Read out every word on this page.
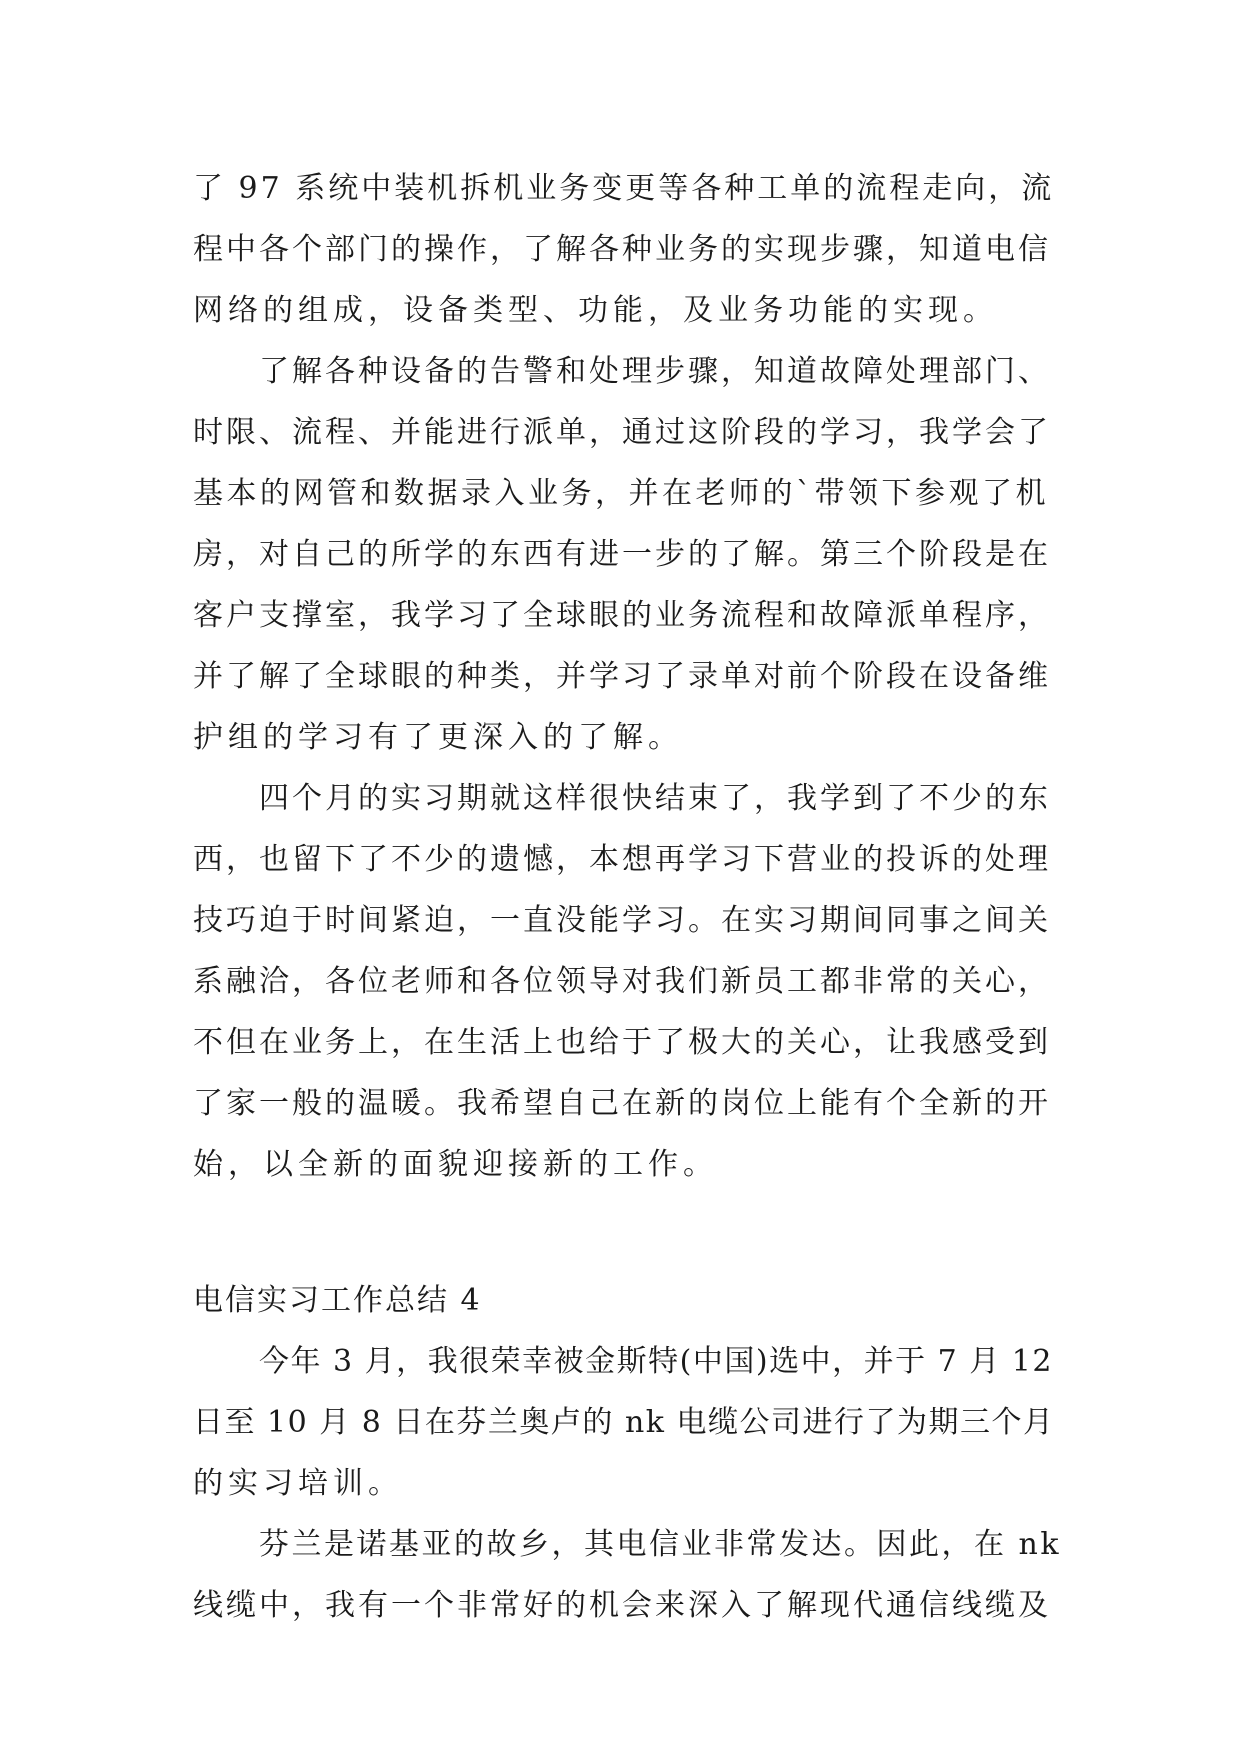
了 97 系统中装机拆机业务变更等各种工单的流程走向，流
程中各个部门的操作，了解各种业务的实现步骤，知道电信
网络的组成，设备类型、功能，及业务功能的实现。
了解各种设备的告警和处理步骤，知道故障处理部门、
时限、流程、并能进行派单，通过这阶段的学习，我学会了
基本的网管和数据录入业务，并在老师的`带领下参观了机
房，对自己的所学的东西有进一步的了解。第三个阶段是在
客户支撑室，我学习了全球眼的业务流程和故障派单程序，
并了解了全球眼的种类，并学习了录单对前个阶段在设备维
护组的学习有了更深入的了解。
四个月的实习期就这样很快结束了，我学到了不少的东
西，也留下了不少的遗憾，本想再学习下营业的投诉的处理
技巧迫于时间紧迫，一直没能学习。在实习期间同事之间关
系融洽，各位老师和各位领导对我们新员工都非常的关心，
不但在业务上，在生活上也给于了极大的关心，让我感受到
了家一般的温暖。我希望自己在新的岗位上能有个全新的开
始，以全新的面貌迎接新的工作。
电信实习工作总结 4
今年 3 月，我很荣幸被金斯特(中国)选中，并于 7 月 12
日至 10 月 8 日在芬兰奥卢的 nk 电缆公司进行了为期三个月
的实习培训。
芬兰是诺基亚的故乡，其电信业非常发达。因此，在 nk
线缆中，我有一个非常好的机会来深入了解现代通信线缆及
